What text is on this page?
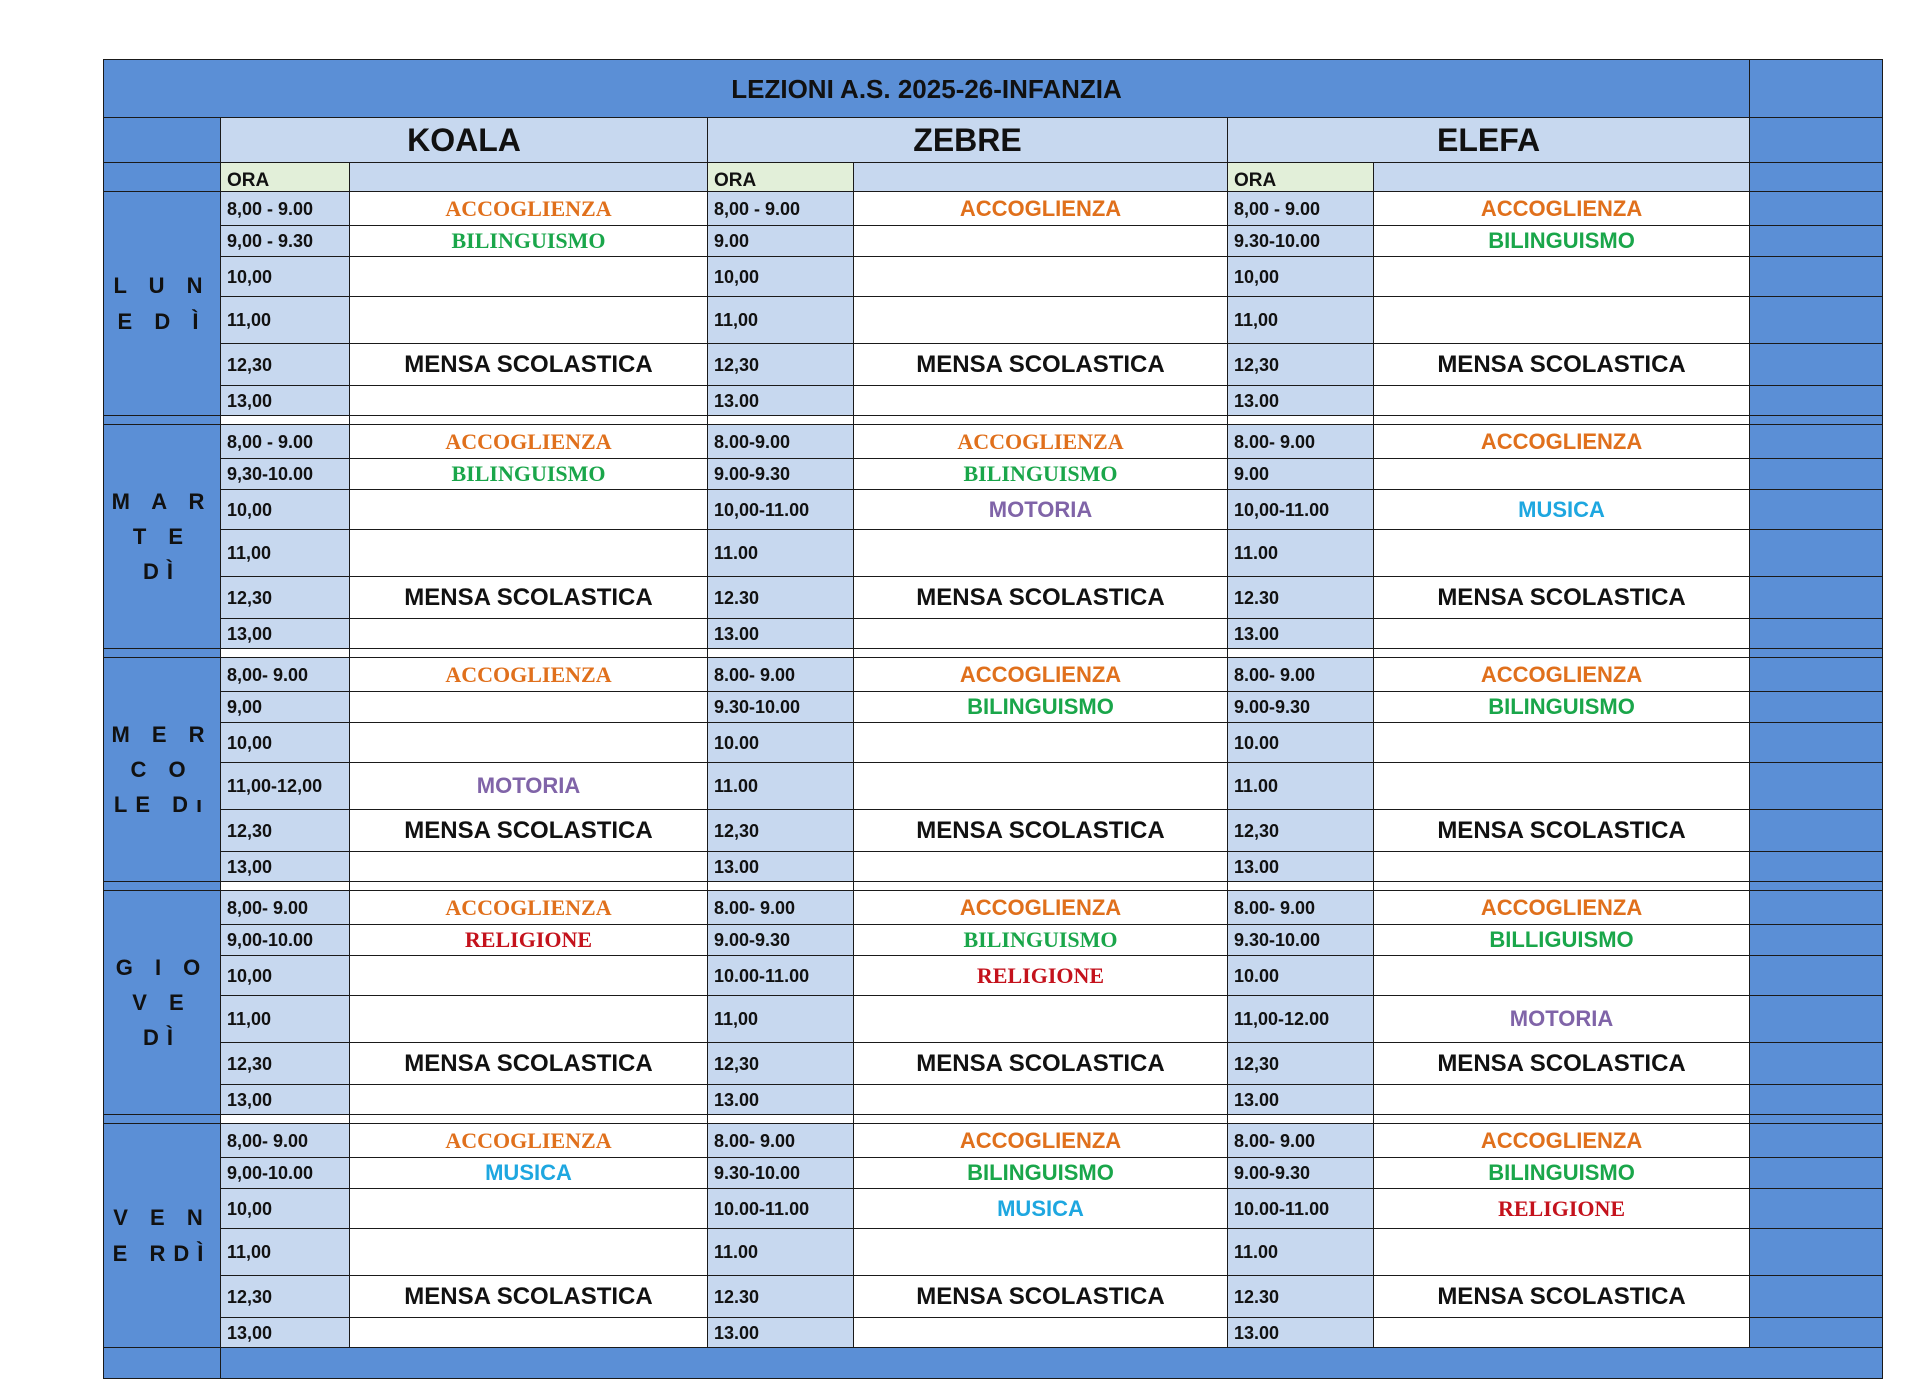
LEZIONI A.S. 2025-26-INFANZIA							
	KOALA		ZEBRE		ELEFA		
	ORA		ORA		ORA		
L U N E D Ì	8,00 - 9.00	ACCOGLIENZA	8,00 - 9.00	ACCOGLIENZA	8,00 - 9.00	ACCOGLIENZA	
	9,00 - 9.30	BILINGUISMO	9.00		9.30-10.00	BILINGUISMO	
	10,00		10,00		10,00		
	11,00		11,00		11,00		
	12,30	MENSA SCOLASTICA	12,30	MENSA SCOLASTICA	12,30	MENSA SCOLASTICA	
	13,00		13.00		13.00		

M A R T E DÌ	8,00 - 9.00	ACCOGLIENZA	8.00-9.00	ACCOGLIENZA	8.00- 9.00	ACCOGLIENZA	
	9,30-10.00	BILINGUISMO	9.00-9.30	BILINGUISMO	9.00		
	10,00		10,00-11.00	MOTORIA	10,00-11.00	MUSICA	
	11,00		11.00		11.00		
	12,30	MENSA SCOLASTICA	12.30	MENSA SCOLASTICA	12.30	MENSA SCOLASTICA	
	13,00		13.00		13.00		

M E R C O LE Dı	8,00- 9.00	ACCOGLIENZA	8.00- 9.00	ACCOGLIENZA	8.00- 9.00	ACCOGLIENZA	
	9,00		9.30-10.00	BILINGUISMO	9.00-9.30	BILINGUISMO	
	10,00		10.00		10.00		
	11,00-12,00	MOTORIA	11.00		11.00		
	12,30	MENSA SCOLASTICA	12,30	MENSA SCOLASTICA	12,30	MENSA SCOLASTICA	
	13,00		13.00		13.00		

G I O V E DÌ	8,00- 9.00	ACCOGLIENZA	8.00- 9.00	ACCOGLIENZA	8.00- 9.00	ACCOGLIENZA	
	9,00-10.00	RELIGIONE	9.00-9.30	BILINGUISMO	9.30-10.00	BILLIGUISMO	
	10,00		10.00-11.00	RELIGIONE	10.00		
	11,00		11,00		11,00-12.00	MOTORIA	
	12,30	MENSA SCOLASTICA	12,30	MENSA SCOLASTICA	12,30	MENSA SCOLASTICA	
	13,00		13.00		13.00		

V E N E RDÌ	8,00- 9.00	ACCOGLIENZA	8.00- 9.00	ACCOGLIENZA	8.00- 9.00	ACCOGLIENZA	
	9,00-10.00	MUSICA	9.30-10.00	BILINGUISMO	9.00-9.30	BILINGUISMO	
	10,00		10.00-11.00	MUSICA	10.00-11.00	RELIGIONE	
	11,00		11.00		11.00		
	12,30	MENSA SCOLASTICA	12.30	MENSA SCOLASTICA	12.30	MENSA SCOLASTICA	
	13,00		13.00		13.00		
